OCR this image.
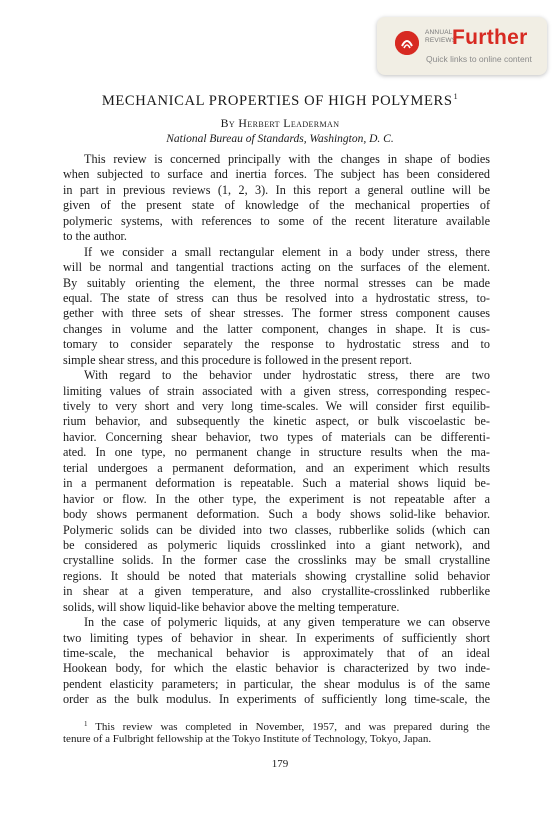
ANNUAL
REVIEWS
Further
Quick links to online content
MECHANICAL PROPERTIES OF HIGH POLYMERS$^1$
By Herbert Leaderman
National Bureau of Standards, Washington, D. C.
This review is concerned principally with the changes in shape of bodies
when subjected to surface and inertia forces. The subject has been considered
in part in previous reviews (1, 2, 3). In this report a general outline will be
given of the present state of knowledge of the mechanical properties of
polymeric systems, with references to some of the recent literature available
to the author.
If we consider a small rectangular element in a body under stress, there
will be normal and tangential tractions acting on the surfaces of the element.
By suitably orienting the element, the three normal stresses can be made
equal. The state of stress can thus be resolved into a hydrostatic stress, to-
gether with three sets of shear stresses. The former stress component causes
changes in volume and the latter component, changes in shape. It is cus-
tomary to consider separately the response to hydrostatic stress and to
simple shear stress, and this procedure is followed in the present report.
With regard to the behavior under hydrostatic stress, there are two
limiting values of strain associated with a given stress, corresponding respec-
tively to very short and very long time-scales. We will consider first equilib-
rium behavior, and subsequently the kinetic aspect, or bulk viscoelastic be-
havior. Concerning shear behavior, two types of materials can be differenti-
ated. In one type, no permanent change in structure results when the ma-
terial undergoes a permanent deformation, and an experiment which results
in a permanent deformation is repeatable. Such a material shows liquid be-
havior or flow. In the other type, the experiment is not repeatable after a
body shows permanent deformation. Such a body shows solid-like behavior.
Polymeric solids can be divided into two classes, rubberlike solids (which can
be considered as polymeric liquids crosslinked into a giant network), and
crystalline solids. In the former case the crosslinks may be small crystalline
regions. It should be noted that materials showing crystalline solid behavior
in shear at a given temperature, and also crystallite-crosslinked rubberlike
solids, will show liquid-like behavior above the melting temperature.
In the case of polymeric liquids, at any given temperature we can observe
two limiting types of behavior in shear. In experiments of sufficiently short
time-scale, the mechanical behavior is approximately that of an ideal
Hookean body, for which the elastic behavior is characterized by two inde-
pendent elasticity parameters; in particular, the shear modulus is of the same
order as the bulk modulus. In experiments of sufficiently long time-scale, the
$^1$ This review was completed in November, 1957, and was prepared during the
tenure of a Fulbright fellowship at the Tokyo Institute of Technology, Tokyo, Japan.
179
